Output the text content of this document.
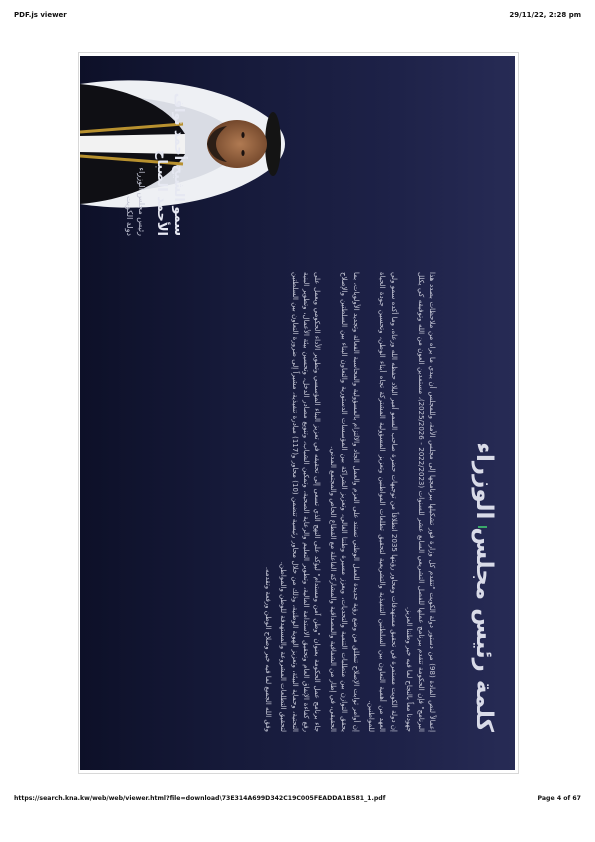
PDF.js viewer	29/11/22, 2:28 pm
كلمة رئيس مجلس الوزراء

إعمالاً لنص المادة (98) من دستور دولة الكويت "تتقدم كل وزارة فور تشكيلها ببرنامجها إلى مجلس الأمة، وللمجلس أن يبدي ما يراه من ملاحظات بصدد هذا البرنامج" فإن الحكومة تتقدم ببرنامج عملها للفصل التشريعي السابع عشر للسنوات (2022/2023 - 2025/2026)، مستمدين العون من الله وتوفيقه كي يكلل جهودنا معاً بالنجاح لما فيه خير وطننا العزيز.

إن دولة الكويت مستمرة في تحقيق مستهدفات ومحاور رؤيتها 2035 انطلاقاً من توجيهات حضرة صاحب السمو أمير البلاد حفظه الله ورعاه، وما أكده سمو ولي العهد من أهمية التعاون بين السلطتين التنفيذية والتشريعية لتحقيق تطلعات المواطنين وتعزيز المسؤولية المشتركة تجاه أبناء الوطن، وتحسين جودة الحياة للمواطنين.

إن أوامر ثوابت الإصلاح تنطلق من وضع رؤية جديدة للعمل الوطني تستند على العزم والعمل الجاد والالتزام بالمسؤولية والمحاسبة الفعالة وتجديد الأولويات، بما يحقق التوازن بين متطلبات التنمية والتحديات، ويعزز مسيرة وطننا الغالي، وتعزيز الشراكة بين المؤسسات الدستورية والتعاون البناء بين السلطتين والإصلاح الحقيقي، في إطار من الشفافية والمصداقية والمشاركة الفاعلة مع القطاع الخاص والمجتمع المدني.

جاء برنامج عمل الحكومة بعنوان "وطن آمن ومستدام" ليؤكد على النهج الذي تسعى إلى تحقيقه في تعزيز البناء المؤسسي وتطوير الأداء الحكومي ويعمل على رفع كفاءة الإنفاق العام وتحقيق الاستدامة المالية، وتطوير التعليم والرعاية الصحية، وتمكين الشباب، وتنويع مصادر الدخل، وتحسين بيئة الأعمال، وتطوير البنية التحتية، وحماية البيئة، وتعزيز الهوية الوطنية، وذلك من خلال محاور رئيسية تتضمن (10) محاور و(117) مبادرة تنفيذية، مشيراً إلى ضرورة التعاون بين السلطتين لتحقيق التطلعات المشروعة والمستهدفة للوطن والمواطن.

وفق الله الجميع لما فيه خير وصلاح الوطن ورفعة وتقدمه.

سمو الشيخ أحمد نواف الأحمد الصباح
رئيس مجلس الوزراء
دولة الكويت
https://search.kna.kw/web/web/viewer.html?file=download\73E314A699D342C19C005FEADDA1B581_1.pdf	Page 4 of 67
